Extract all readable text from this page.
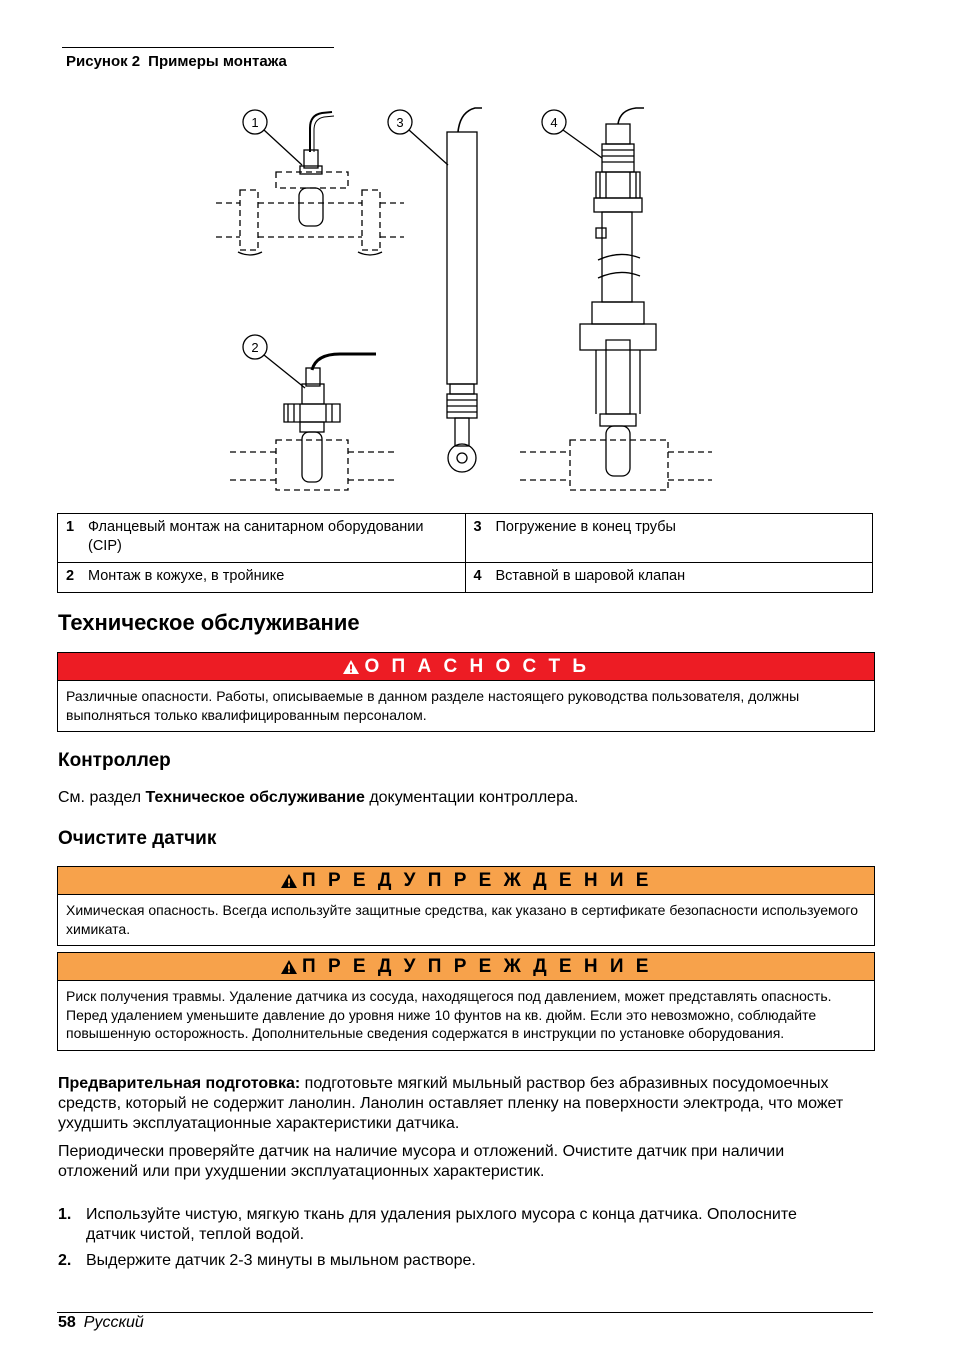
Рисунок 2 Примеры монтажа
1
2
3	4
1 Фланцевый монтаж на санитарном оборудовании (CIP)	3 Погружение в конец трубы
2 Монтаж в кожухе, в тройнике	4 Вставной в шаровой клапан
Техническое обслуживание
О П А С Н О С Т Ь
Различные опасности. Работы, описываемые в данном разделе настоящего руководства пользователя, должны выполняться только квалифицированным персоналом.
Контроллер
См. раздел Техническое обслуживание документации контроллера.
Очистите датчик
П Р Е Д У П Р Е Ж Д Е Н И Е
Химическая опасность. Всегда используйте защитные средства, как указано в сертификате безопасности используемого химиката.
П Р Е Д У П Р Е Ж Д Е Н И Е
Риск получения травмы. Удаление датчика из сосуда, находящегося под давлением, может представлять опасность. Перед удалением уменьшите давление до уровня ниже 10 фунтов на кв. дюйм. Если это невозможно, соблюдайте повышенную осторожность. Дополнительные сведения содержатся в инструкции по установке оборудования.
Предварительная подготовка: подготовьте мягкий мыльный раствор без абразивных посудомоечных средств, который не содержит ланолин. Ланолин оставляет пленку на поверхности электрода, что может ухудшить эксплуатационные характеристики датчика.
Периодически проверяйте датчик на наличие мусора и отложений. Очистите датчик при наличии отложений или при ухудшении эксплуатационных характеристик.
1. Используйте чистую, мягкую ткань для удаления рыхлого мусора с конца датчика. Ополосните датчик чистой, теплой водой.
2. Выдержите датчик 2-3 минуты в мыльном растворе.
58 Русский
